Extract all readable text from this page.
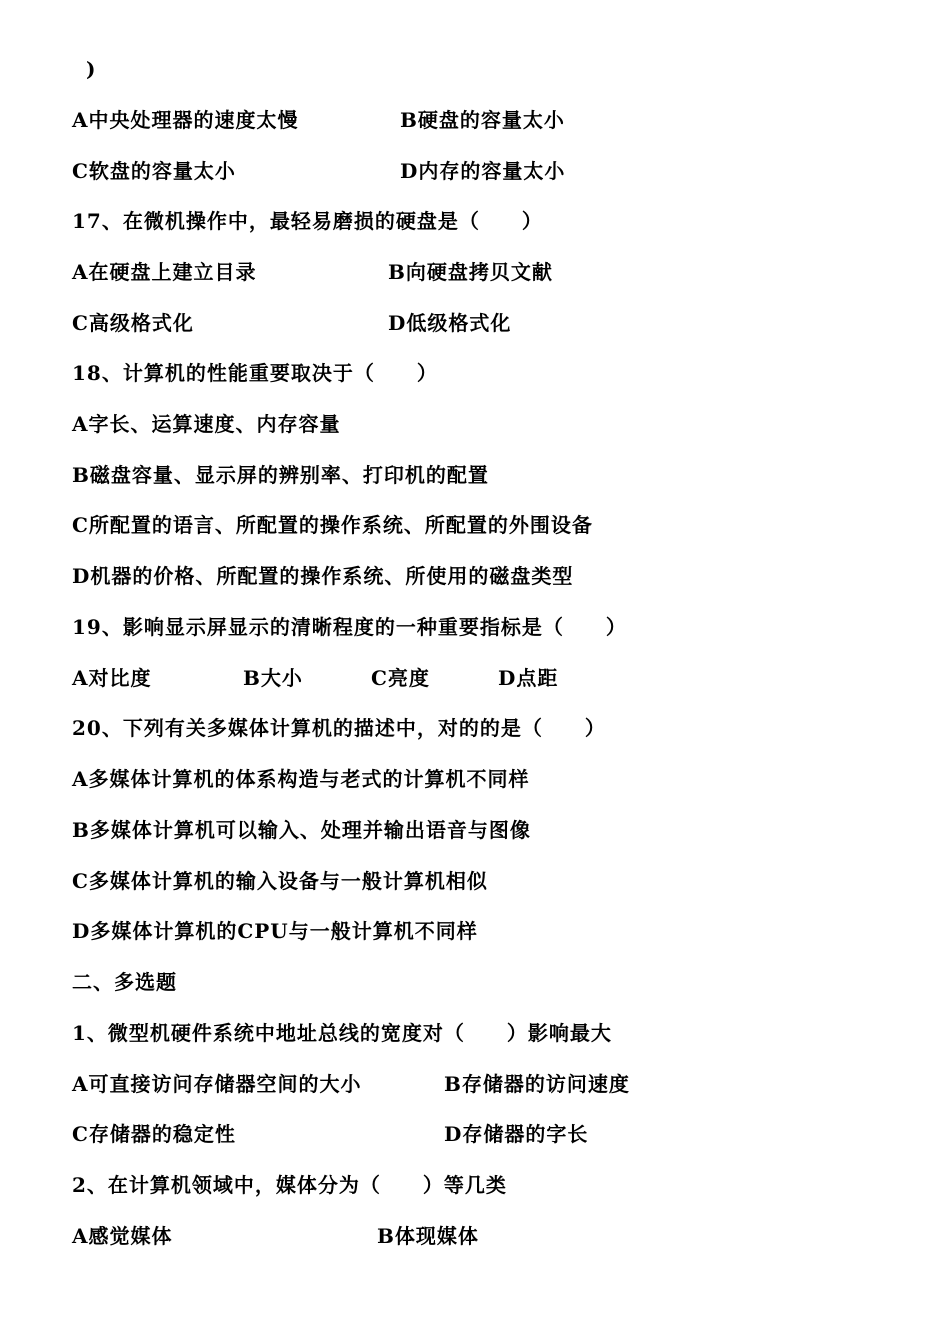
)
A中央处理器的速度太慢	B硬盘的容量太小
C软盘的容量太小	D内存的容量太小
17、在微机操作中，最轻易磨损的硬盘是（　　）
A在硬盘上建立目录	B向硬盘拷贝文献
C高级格式化	D低级格式化
18、计算机的性能重要取决于（　　）
A字长、运算速度、内存容量
B磁盘容量、显示屏的辨别率、打印机的配置
C所配置的语言、所配置的操作系统、所配置的外围设备
D机器的价格、所配置的操作系统、所使用的磁盘类型
19、影响显示屏显示的清晰程度的一种重要指标是（　　）
A对比度	B大小	C亮度	D点距
20、下列有关多媒体计算机的描述中，对的的是（　　）
A多媒体计算机的体系构造与老式的计算机不同样
B多媒体计算机可以输入、处理并输出语音与图像
C多媒体计算机的输入设备与一般计算机相似
D多媒体计算机的CPU与一般计算机不同样
二、多选题
1、微型机硬件系统中地址总线的宽度对（　　）影响最大
A可直接访问存储器空间的大小	B存储器的访问速度
C存储器的稳定性	D存储器的字长
2、在计算机领域中，媒体分为（　　）等几类
A感觉媒体	B体现媒体
